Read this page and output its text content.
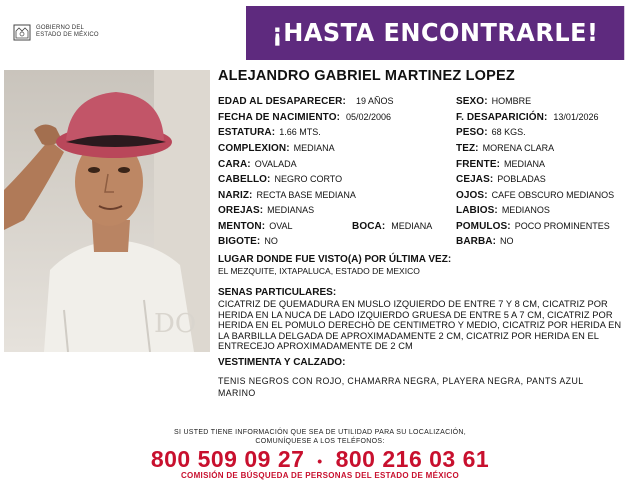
GOBIERNO DEL
ESTADO DE MÉXICO	¡HASTA ENCONTRARLE!
DO
ALEJANDRO GABRIEL MARTINEZ LOPEZ
EDAD AL DESAPARECER: 19 AÑOS
FECHA DE NACIMIENTO: 05/02/2006
ESTATURA: 1.66 MTS.
COMPLEXION: MEDIANA
CARA: OVALADA
CABELLO: NEGRO CORTO
NARIZ: RECTA BASE MEDIANA
OREJAS: MEDIANAS
MENTON: OVAL
BIGOTE: NO
BOCA: MEDIANA
SEXO: HOMBRE
F. DESAPARICIÓN: 13/01/2026
PESO: 68 KGS.
TEZ: MORENA CLARA
FRENTE: MEDIANA
CEJAS: POBLADAS
OJOS: CAFE OBSCURO MEDIANOS
LABIOS: MEDIANOS
POMULOS: POCO PROMINENTES
BARBA: NO
LUGAR DONDE FUE VISTO(A) POR ÚLTIMA VEZ:
EL MEZQUITE, IXTAPALUCA, ESTADO DE MEXICO
SENAS PARTICULARES:
CICATRIZ DE QUEMADURA EN MUSLO IZQUIERDO DE ENTRE 7 Y 8 CM, CICATRIZ POR HERIDA EN LA NUCA DE LADO IZQUIERDO GRUESA DE ENTRE 5 A 7 CM, CICATRIZ POR HERIDA EN EL POMULO DERECHO DE CENTIMETRO Y MEDIO, CICATRIZ POR HERIDA EN LA BARBILLA DELGADA DE APROXIMADAMENTE 2 CM, CICATRIZ POR HERIDA EN EL ENTRECEJO APROXIMADAMENTE DE 2 CM
VESTIMENTA Y CALZADO:
TENIS NEGROS CON ROJO, CHAMARRA NEGRA, PLAYERA NEGRA, PANTS AZUL MARINO
SI USTED TIENE INFORMACIÓN QUE SEA DE UTILIDAD PARA SU LOCALIZACIÓN,
COMUNÍQUESE A LOS TELÉFONOS:
800 509 09 27 • 800 216 03 61
COMISIÓN DE BÚSQUEDA DE PERSONAS DEL ESTADO DE MÉXICO
